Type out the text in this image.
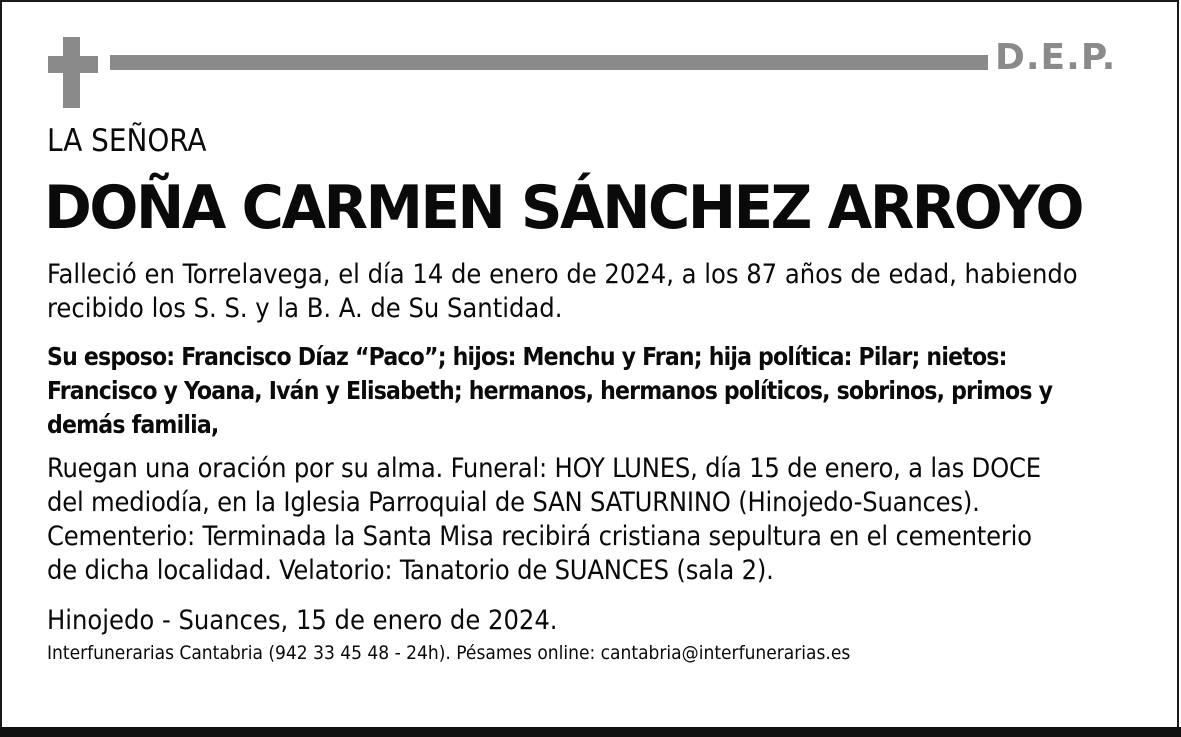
D.E.P.
LA SEÑORA
DOÑA CARMEN SÁNCHEZ ARROYO
Falleció en Torrelavega, el día 14 de enero de 2024, a los 87 años de edad, habiendo
recibido los S. S. y la B. A. de Su Santidad.
Su esposo: Francisco Díaz “Paco”; hijos: Menchu y Fran; hija política: Pilar; nietos:
Francisco y Yoana, Iván y Elisabeth; hermanos, hermanos políticos, sobrinos, primos y
demás familia,
Ruegan una oración por su alma. Funeral: HOY LUNES, día 15 de enero, a las DOCE
del mediodía, en la Iglesia Parroquial de SAN SATURNINO (Hinojedo-Suances).
Cementerio: Terminada la Santa Misa recibirá cristiana sepultura en el cementerio
de dicha localidad. Velatorio: Tanatorio de SUANCES (sala 2).
Hinojedo - Suances, 15 de enero de 2024.
Interfunerarias Cantabria (942 33 45 48 - 24h). Pésames online: cantabria@interfunerarias.es
